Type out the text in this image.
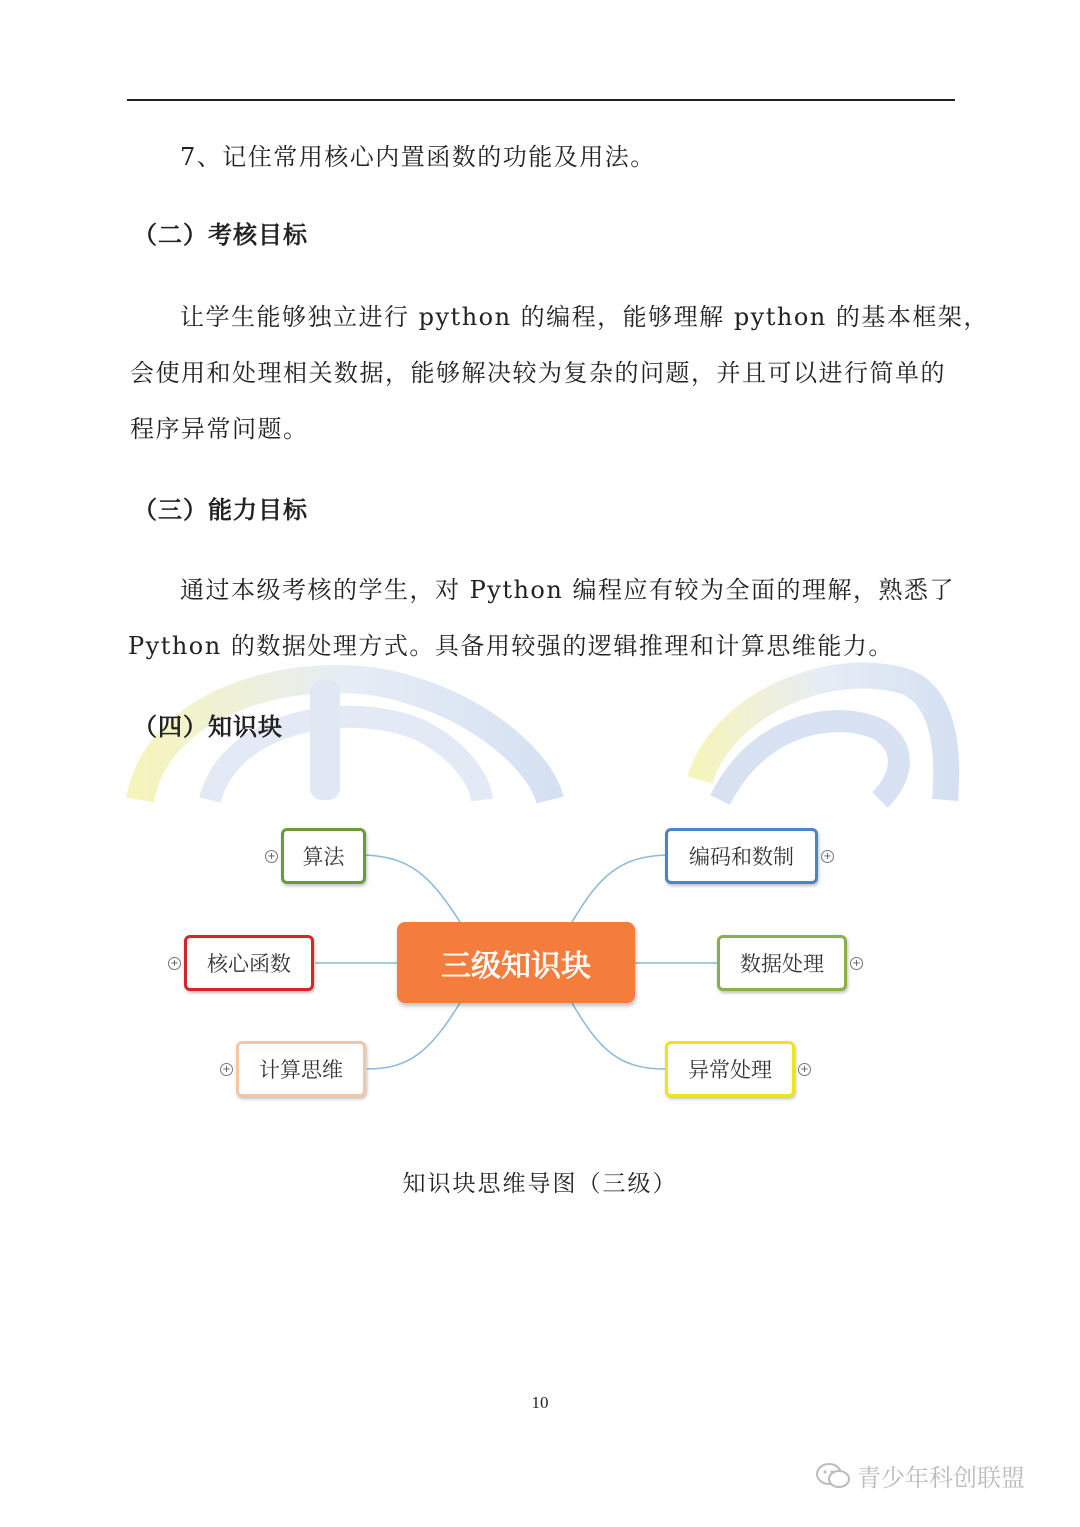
7、记住常用核心内置函数的功能及用法。
（二）考核目标
让学生能够独立进行 python 的编程，能够理解 python 的基本框架，
会使用和处理相关数据，能够解决较为复杂的问题，并且可以进行简单的
程序异常问题。
（三）能力目标
通过本级考核的学生，对 Python 编程应有较为全面的理解，熟悉了
Python 的数据处理方式。具备用较强的逻辑推理和计算思维能力。
（四）知识块
三级知识块
算法
核心函数
计算思维
编码和数制
数据处理
异常处理
+
+
+
+
+
+
知识块思维导图（三级）
10
青少年科创联盟
